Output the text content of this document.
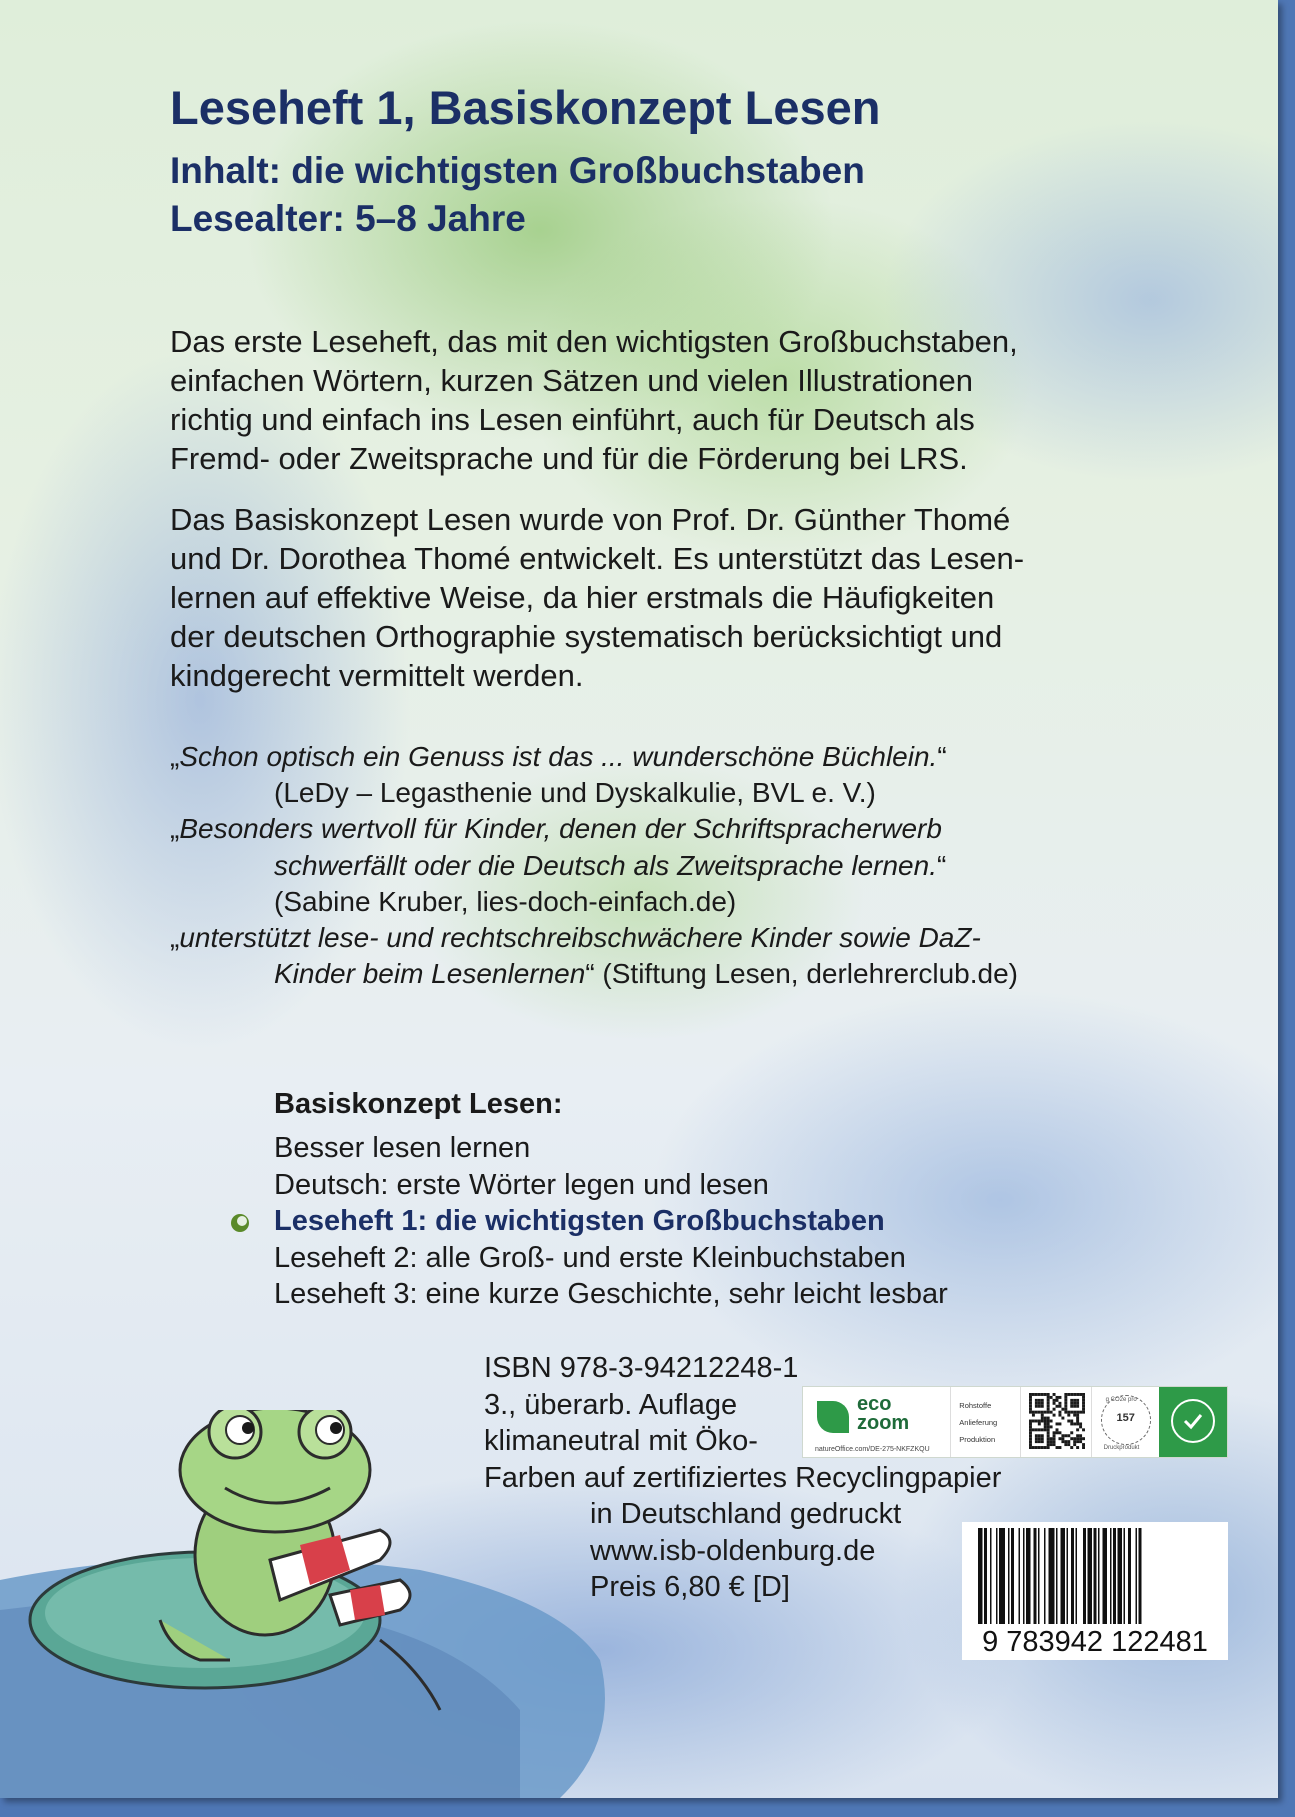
Leseheft 1, Basiskonzept Lesen
Inhalt: die wichtigsten Großbuchstaben
Lesealter: 5–8 Jahre
Das erste Leseheft, das mit den wichtigsten Großbuchstaben,
einfachen Wörtern, kurzen Sätzen und vielen Illustrationen
richtig und einfach ins Lesen einführt, auch für Deutsch als
Fremd- oder Zweitsprache und für die Förderung bei LRS.
Das Basiskonzept Lesen wurde von Prof. Dr. Günther Thomé
und Dr. Dorothea Thomé entwickelt. Es unterstützt das Lesen-
lernen auf effektive Weise, da hier erstmals die Häufigkeiten
der deutschen Orthographie systematisch berücksichtigt und
kindgerecht vermittelt werden.
„Schon optisch ein Genuss ist das ... wunderschöne Büchlein.“
(LeDy – Legasthenie und Dyskalkulie, BVL e. V.)
„Besonders wertvoll für Kinder, denen der Schriftspracherwerb
schwerfällt oder die Deutsch als Zweitsprache lernen.“
(Sabine Kruber, lies-doch-einfach.de)
„unterstützt lese- und rechtschreibschwächere Kinder sowie DaZ-
Kinder beim Lesenlernen“ (Stiftung Lesen, derlehrerclub.de)
Basiskonzept Lesen:
Besser lesen lernen
Deutsch: erste Wörter legen und lesen
Leseheft 1: die wichtigsten Großbuchstaben
Leseheft 2: alle Groß- und erste Kleinbuchstaben
Leseheft 3: eine kurze Geschichte, sehr leicht lesbar
ISBN 978-3-94212248-1
3., überarb. Auflage
klimaneutral mit Öko-
Farben auf zertifiziertes Recyclingpapier
in Deutschland gedruckt
www.isb-oldenburg.de
Preis 6,80 € [D]
eco
zoom
natureOffice.com/DE-275-NKFZKQU
Rohstoffe
Anlieferung
Produktion
g CO2e pro
157
Druckprodukt
9 783942 122481
